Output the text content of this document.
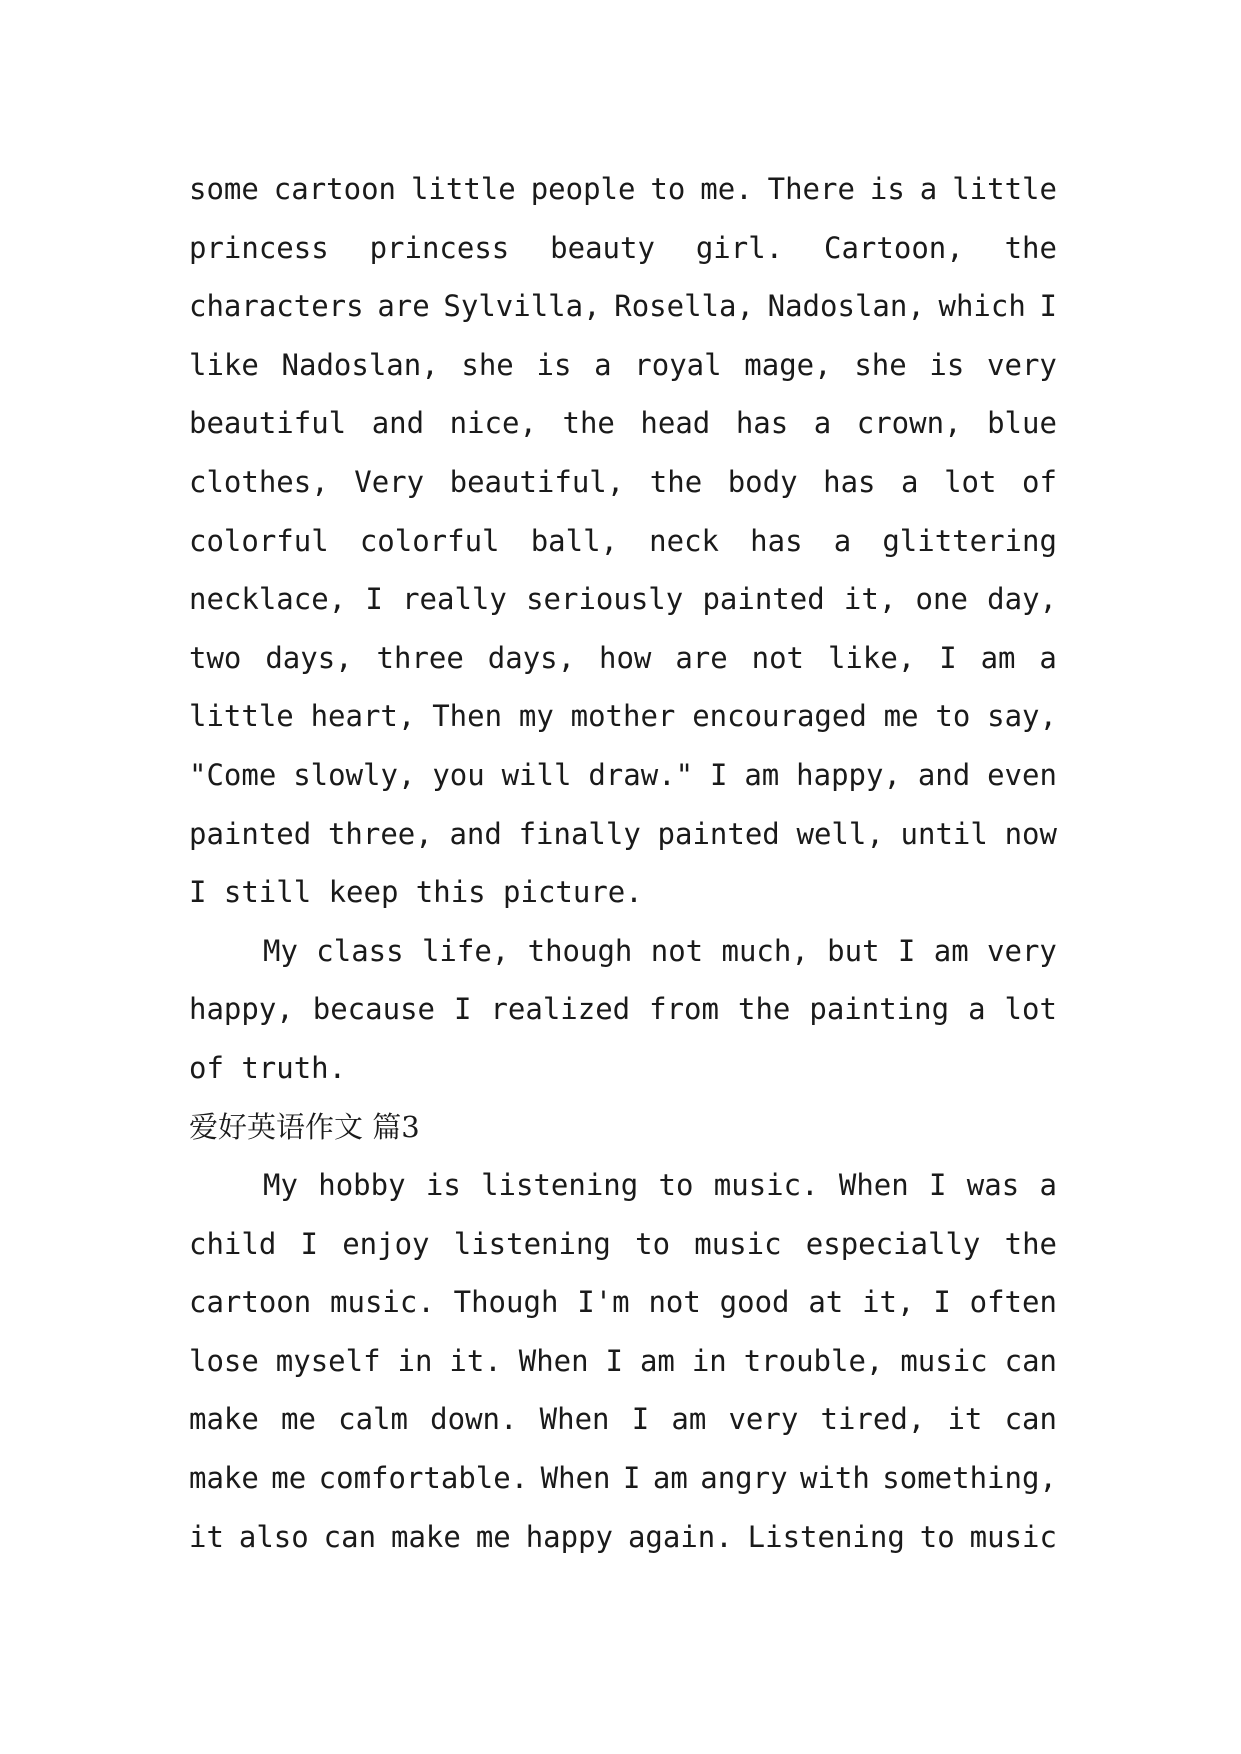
some cartoon little people to me. There is a little
princess princess beauty girl. Cartoon, the
characters are Sylvilla, Rosella, Nadoslan, which I
like Nadoslan, she is a royal mage, she is very
beautiful and nice, the head has a crown, blue
clothes, Very beautiful, the body has a lot of
colorful colorful ball, neck has a glittering
necklace, I really seriously painted it, one day,
two days, three days, how are not like, I am a
little heart, Then my mother encouraged me to say,
"Come slowly, you will draw." I am happy, and even
painted three, and finally painted well, until now
I still keep this picture.
My class life, though not much, but I am very
happy, because I realized from the painting a lot
of truth.
爱好英语作文 篇3
My hobby is listening to music. When I was a
child I enjoy listening to music especially the
cartoon music. Though I'm not good at it, I often
lose myself in it. When I am in trouble, music can
make me calm down. When I am very tired, it can
make me comfortable. When I am angry with something,
it also can make me happy again. Listening to music
